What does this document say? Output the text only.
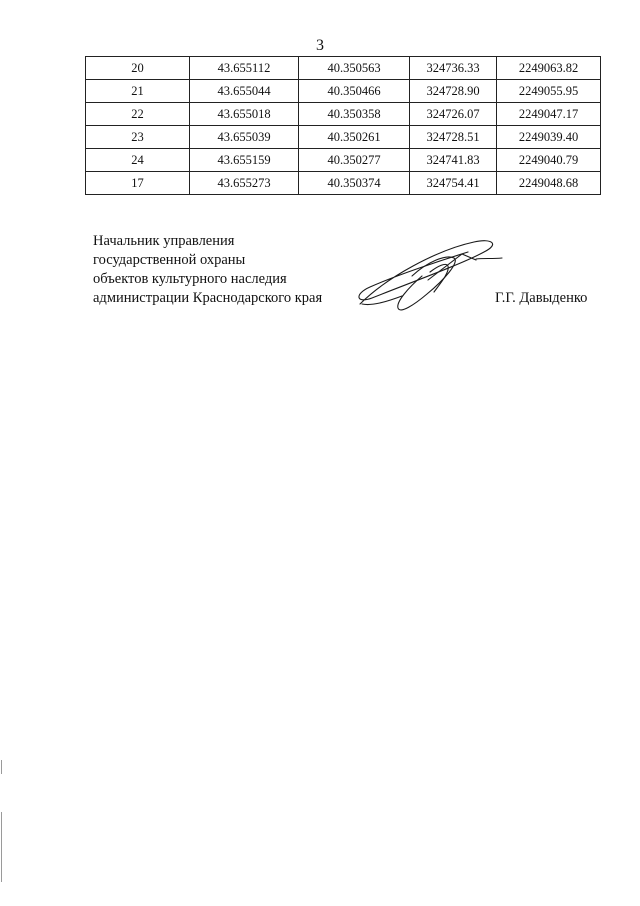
3
20	43.655112	40.350563	324736.33	2249063.82
21	43.655044	40.350466	324728.90	2249055.95
22	43.655018	40.350358	324726.07	2249047.17
23	43.655039	40.350261	324728.51	2249039.40
24	43.655159	40.350277	324741.83	2249040.79
17	43.655273	40.350374	324754.41	2249048.68
Начальник управления
государственной охраны
объектов культурного наследия
администрации Краснодарского края	Г.Г. Давыденко
